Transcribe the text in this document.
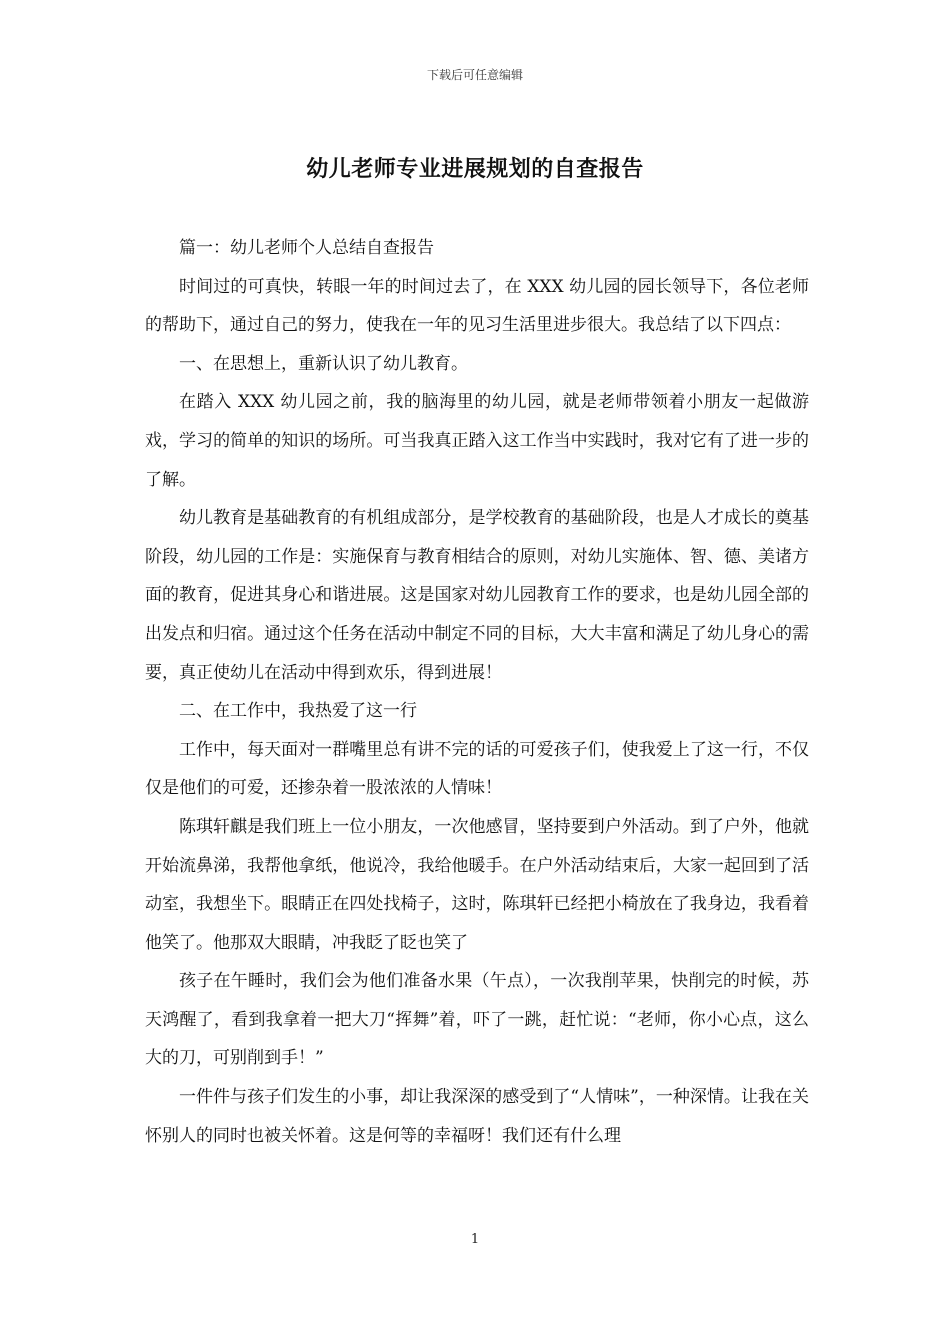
下载后可任意编辑
幼儿老师专业进展规划的自查报告

篇一：幼儿老师个人总结自查报告

时间过的可真快，转眼一年的时间过去了，在 XXX 幼儿园的园长领导下，各位老师的帮助下，通过自己的努力，使我在一年的见习生活里进步很大。我总结了以下四点：

一、在思想上，重新认识了幼儿教育。

在踏入 XXX 幼儿园之前，我的脑海里的幼儿园，就是老师带领着小朋友一起做游戏，学习的简单的知识的场所。可当我真正踏入这工作当中实践时，我对它有了进一步的了解。

幼儿教育是基础教育的有机组成部分，是学校教育的基础阶段，也是人才成长的奠基阶段，幼儿园的工作是：实施保育与教育相结合的原则，对幼儿实施体、智、德、美诸方面的教育，促进其身心和谐进展。这是国家对幼儿园教育工作的要求，也是幼儿园全部的出发点和归宿。通过这个任务在活动中制定不同的目标，大大丰富和满足了幼儿身心的需要，真正使幼儿在活动中得到欢乐，得到进展！

二、在工作中，我热爱了这一行

工作中，每天面对一群嘴里总有讲不完的话的可爱孩子们，使我爱上了这一行，不仅仅是他们的可爱，还掺杂着一股浓浓的人情味！

陈琪轩麒是我们班上一位小朋友，一次他感冒，坚持要到户外活动。到了户外，他就开始流鼻涕，我帮他拿纸，他说冷，我给他暖手。在户外活动结束后，大家一起回到了活动室，我想坐下。眼睛正在四处找椅子，这时，陈琪轩已经把小椅放在了我身边，我看着他笑了。他那双大眼睛，冲我眨了眨也笑了

孩子在午睡时，我们会为他们准备水果（午点），一次我削苹果，快削完的时候，苏天鸿醒了，看到我拿着一把大刀“挥舞”着，吓了一跳，赶忙说：“老师，你小心点，这么大的刀，可别削到手！”

一件件与孩子们发生的小事，却让我深深的感受到了“人情味”，一种深情。让我在关怀别人的同时也被关怀着。这是何等的幸福呀！我们还有什么理

1
